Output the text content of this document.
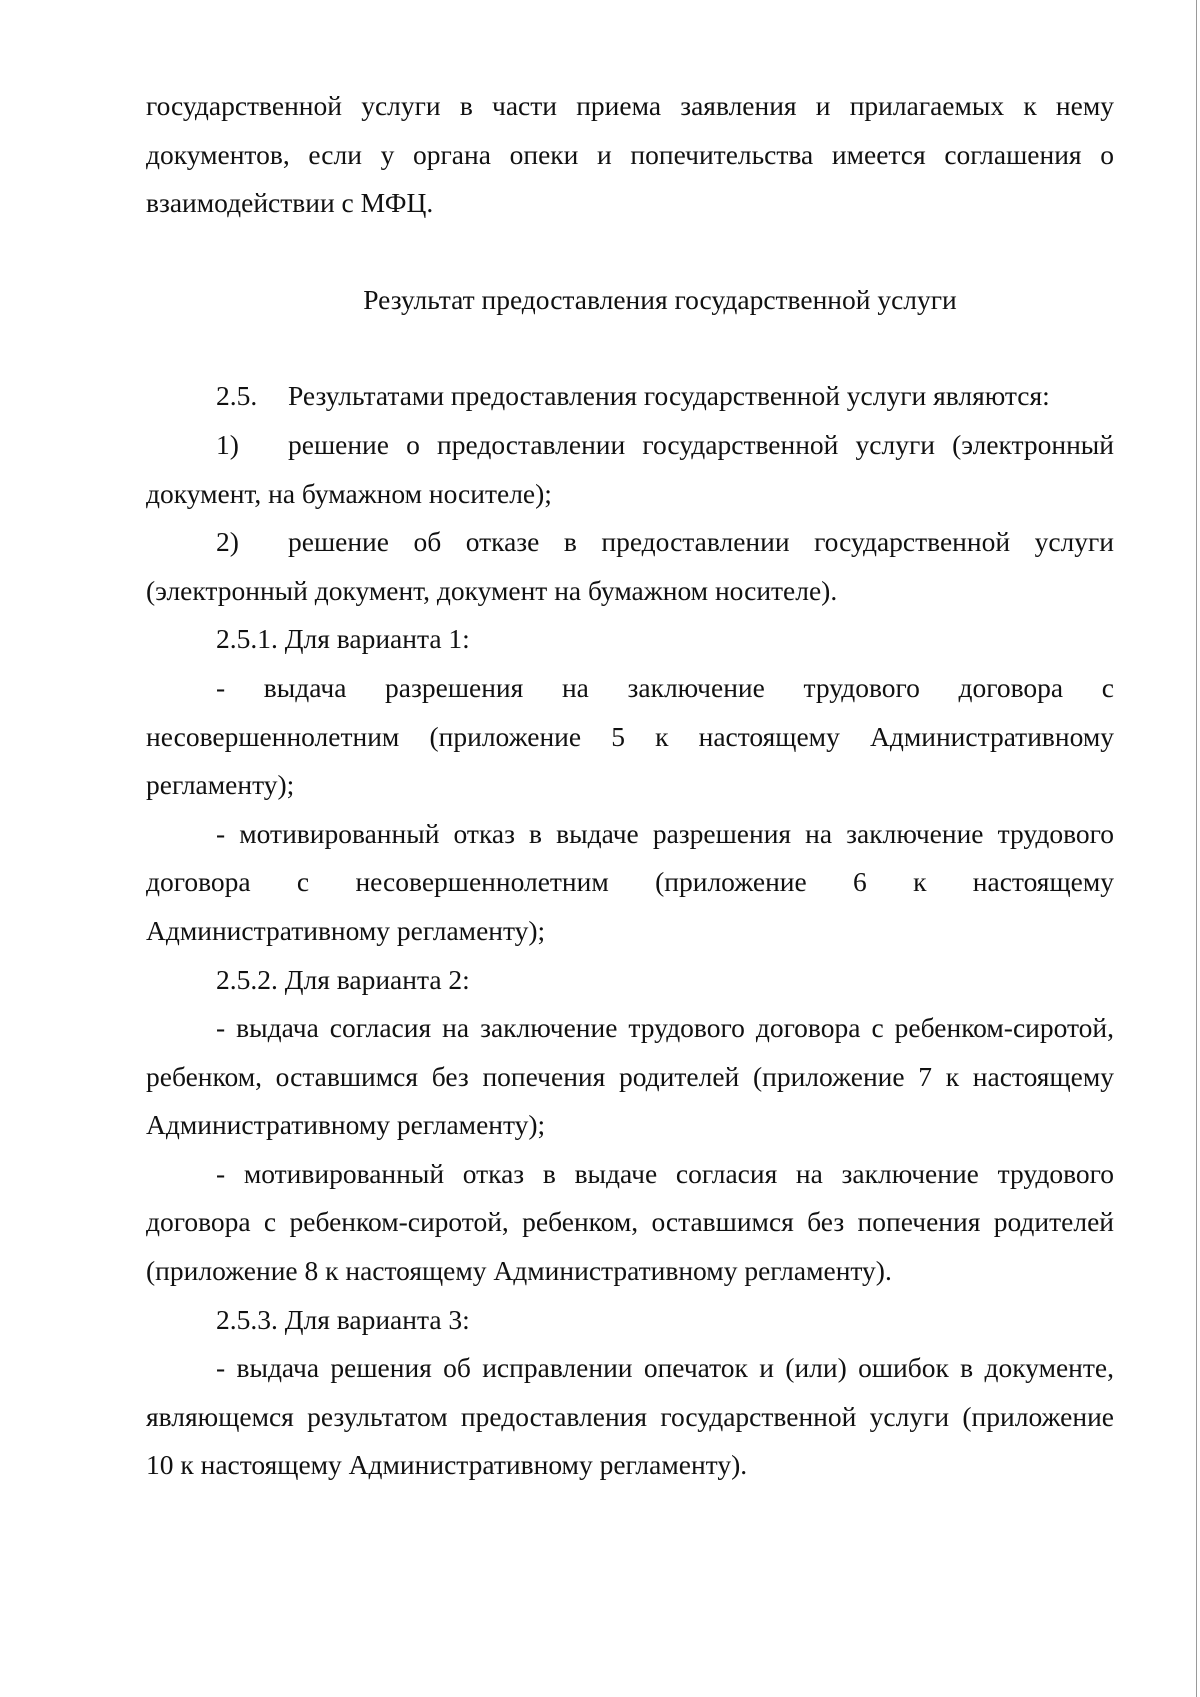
государственной услуги в части приема заявления и прилагаемых к нему документов, если у органа опеки и попечительства имеется соглашения о взаимодействии с МФЦ.

Результат предоставления государственной услуги

2.5. Результатами предоставления государственной услуги являются:

1) решение о предоставлении государственной услуги (электронный документ, на бумажном носителе);

2) решение об отказе в предоставлении государственной услуги (электронный документ, документ на бумажном носителе).

2.5.1. Для варианта 1:

- выдача разрешения на заключение трудового договора с несовершеннолетним (приложение 5 к настоящему Административному регламенту);

- мотивированный отказ в выдаче разрешения на заключение трудового договора с несовершеннолетним (приложение 6 к настоящему Административному регламенту);

2.5.2. Для варианта 2:

- выдача согласия на заключение трудового договора с ребенком-сиротой, ребенком, оставшимся без попечения родителей (приложение 7 к настоящему Административному регламенту);

- мотивированный отказ в выдаче согласия на заключение трудового договора с ребенком-сиротой, ребенком, оставшимся без попечения родителей (приложение 8 к настоящему Административному регламенту).

2.5.3. Для варианта 3:

- выдача решения об исправлении опечаток и (или) ошибок в документе, являющемся результатом предоставления государственной услуги (приложение 10 к настоящему Административному регламенту).
